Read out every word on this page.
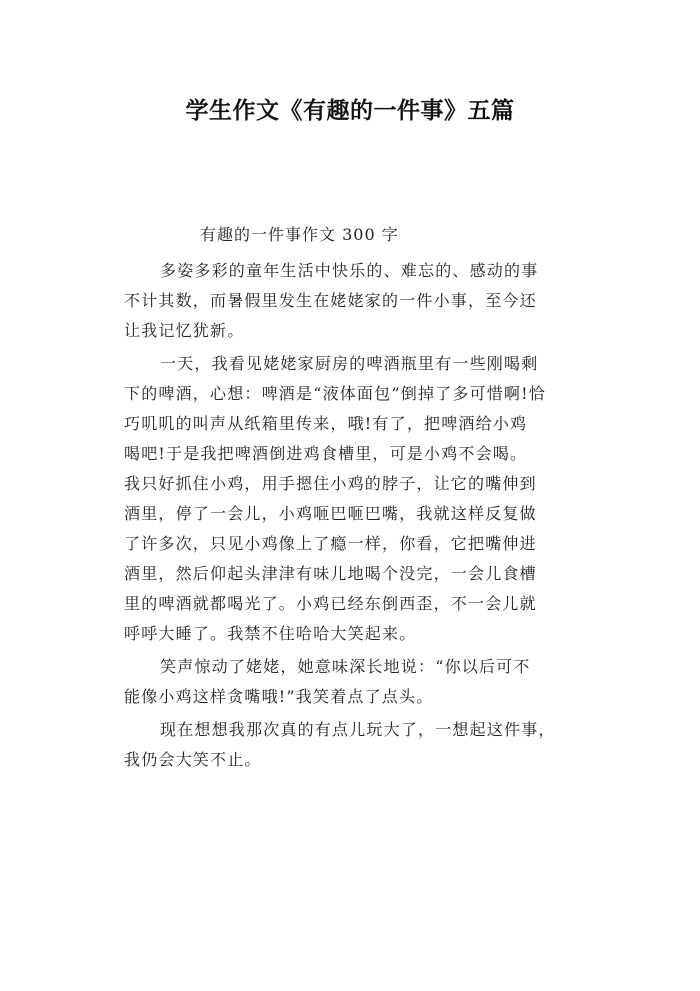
学生作文《有趣的一件事》五篇
有趣的一件事作文 300 字
多姿多彩的童年生活中快乐的、难忘的、感动的事
不计其数，而暑假里发生在姥姥家的一件小事，至今还
让我记忆犹新。
一天，我看见姥姥家厨房的啤酒瓶里有一些刚喝剩
下的啤酒，心想：啤酒是“液体面包”倒掉了多可惜啊!恰
巧叽叽的叫声从纸箱里传来，哦!有了，把啤酒给小鸡
喝吧!于是我把啤酒倒进鸡食槽里，可是小鸡不会喝。
我只好抓住小鸡，用手摁住小鸡的脖子，让它的嘴伸到
酒里，停了一会儿，小鸡咂巴咂巴嘴，我就这样反复做
了许多次，只见小鸡像上了瘾一样，你看，它把嘴伸进
酒里，然后仰起头津津有味儿地喝个没完，一会儿食槽
里的啤酒就都喝光了。小鸡已经东倒西歪，不一会儿就
呼呼大睡了。我禁不住哈哈大笑起来。
笑声惊动了姥姥，她意味深长地说：“你以后可不
能像小鸡这样贪嘴哦!”我笑着点了点头。
现在想想我那次真的有点儿玩大了，一想起这件事，
我仍会大笑不止。
